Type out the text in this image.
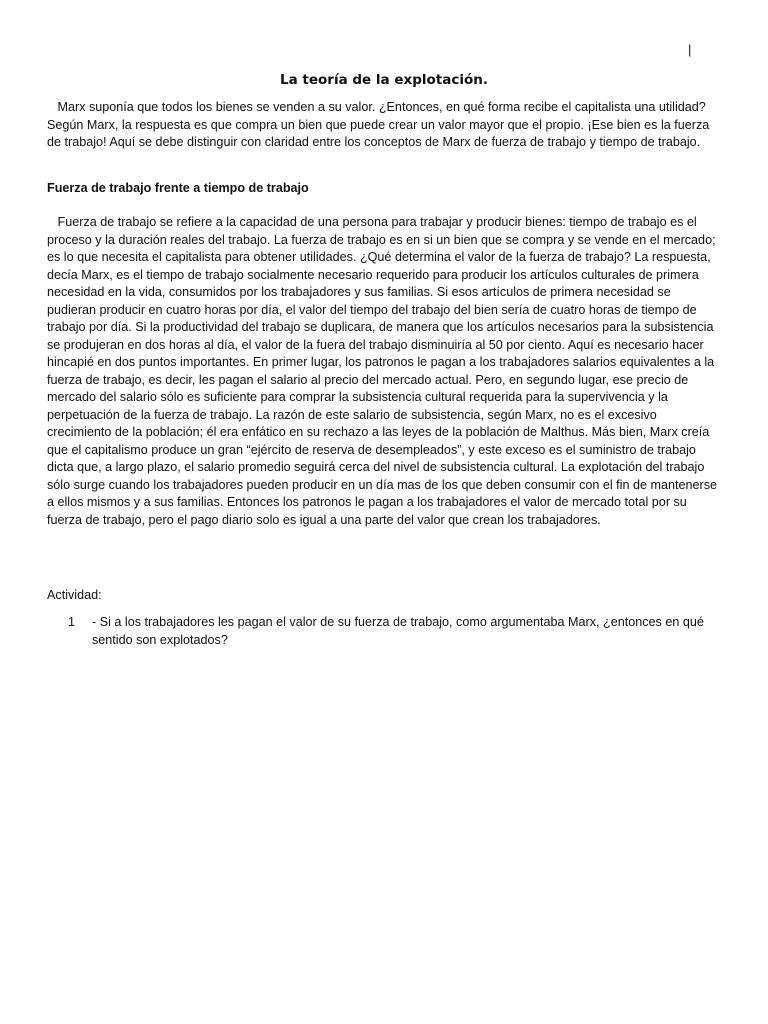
|
La teoría de la explotación.

Marx suponía que todos los bienes se venden a su valor. ¿Entonces, en qué forma recibe el capitalista una utilidad? Según Marx, la respuesta es que compra un bien que puede crear un valor mayor que el propio. ¡Ese bien es la fuerza de trabajo! Aquí se debe distinguir con claridad entre los conceptos de Marx de fuerza de trabajo y tiempo de trabajo.

Fuerza de trabajo frente a tiempo de trabajo

Fuerza de trabajo se refiere a la capacidad de una persona para trabajar y producir bienes: tiempo de trabajo es el proceso y la duración reales del trabajo. La fuerza de trabajo es en si un bien que se compra y se vende en el mercado; es lo que necesita el capitalista para obtener utilidades. ¿Qué determina el valor de la fuerza de trabajo? La respuesta, decía Marx, es el tiempo de trabajo socialmente necesario requerido para producir los artículos culturales de primera necesidad en la vida, consumidos por los trabajadores y sus familias. Si esos artículos de primera necesidad se pudieran producir en cuatro horas por día, el valor del tiempo del trabajo del bien sería de cuatro horas de tiempo de trabajo por día. Si la productividad del trabajo se duplicara, de manera que los artículos necesarios para la subsistencia se produjeran en dos horas al día, el valor de la fuera del trabajo disminuiría al 50 por ciento. Aquí es necesario hacer hincapié en dos puntos importantes. En primer lugar, los patronos le pagan a los trabajadores salarios equivalentes a la fuerza de trabajo, es decir, les pagan el salario al precio del mercado actual. Pero, en segundo lugar, ese precio de mercado del salario sólo es suficiente para comprar la subsistencia cultural requerida para la supervivencia y la perpetuación de la fuerza de trabajo. La razón de este salario de subsistencia, según Marx, no es el excesivo crecimiento de la población; él era enfático en su rechazo a las leyes de la población de Malthus. Más bien, Marx creía que el capitalismo produce un gran “ejército de reserva de desempleados”, y este exceso es el suministro de trabajo dicta que, a largo plazo, el salario promedio seguirá cerca del nivel de subsistencia cultural. La explotación del trabajo sólo surge cuando los trabajadores pueden producir en un día mas de los que deben consumir con el fin de mantenerse a ellos mismos y a sus familias. Entonces los patronos le pagan a los trabajadores el valor de mercado total por su fuerza de trabajo, pero el pago diario solo es igual a una parte del valor que crean los trabajadores.

Actividad:

1	- Si a los trabajadores les pagan el valor de su fuerza de trabajo, como argumentaba Marx, ¿entonces en qué sentido son explotados?
